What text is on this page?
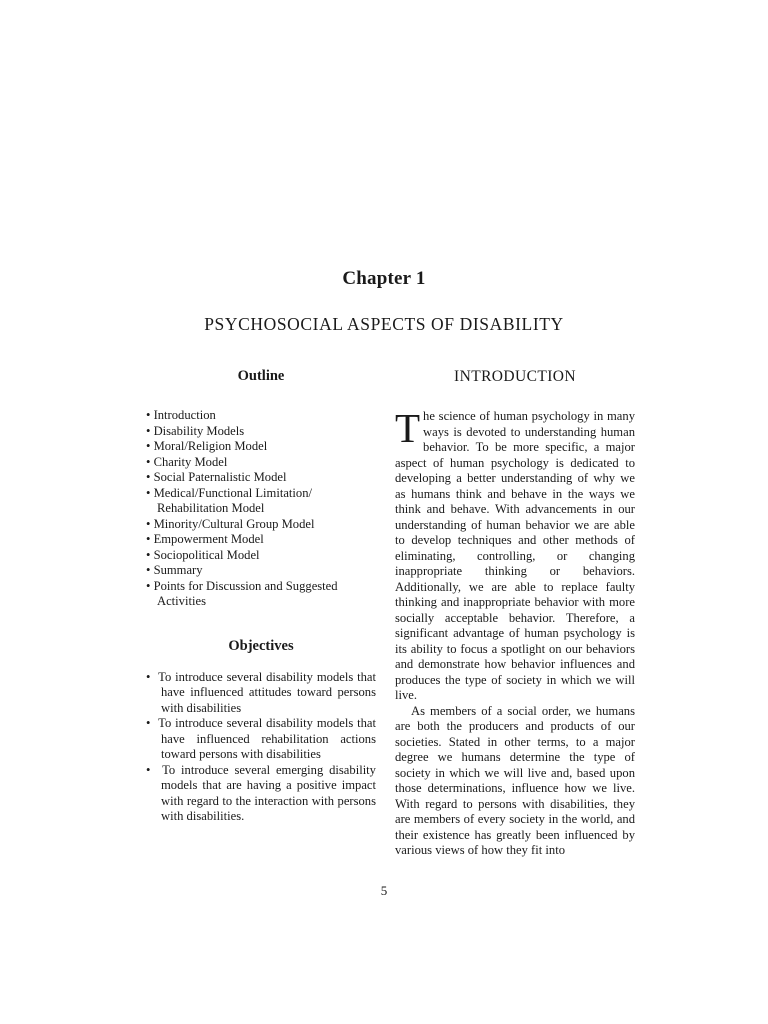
Chapter 1
PSYCHOSOCIAL ASPECTS OF DISABILITY
Outline
• Introduction
• Disability Models
• Moral/Religion Model
• Charity Model
• Social Paternalistic Model
• Medical/Functional Limitation/ Rehabilitation Model
• Minority/Cultural Group Model
• Empowerment Model
• Sociopolitical Model
• Summary
• Points for Discussion and Suggested Activities
Objectives
•  To introduce several disability models that have influenced attitudes toward persons with disabilities
•  To introduce several disability models that have influenced rehabilitation actions toward persons with disabilities
•  To introduce several emerging disability models that are having a positive impact with regard to the interaction with persons with disabilities.
INTRODUCTION

The science of human psychology in many ways is devoted to understanding human behavior. To be more specific, a major aspect of human psychology is dedicated to developing a better understanding of why we as humans think and behave in the ways we think and behave. With advancements in our understanding of human behavior we are able to develop techniques and other methods of eliminating, controlling, or changing inappropriate thinking or behaviors. Additionally, we are able to replace faulty thinking and inappropriate behavior with more socially acceptable behavior. Therefore, a significant advantage of human psychology is its ability to focus a spotlight on our behaviors and demonstrate how behavior influences and produces the type of society in which we will live.

As members of a social order, we humans are both the producers and products of our societies. Stated in other terms, to a major degree we humans determine the type of society in which we will live and, based upon those determinations, influence how we live. With regard to persons with disabilities, they are members of every society in the world, and their existence has greatly been influenced by various views of how they fit into

5
